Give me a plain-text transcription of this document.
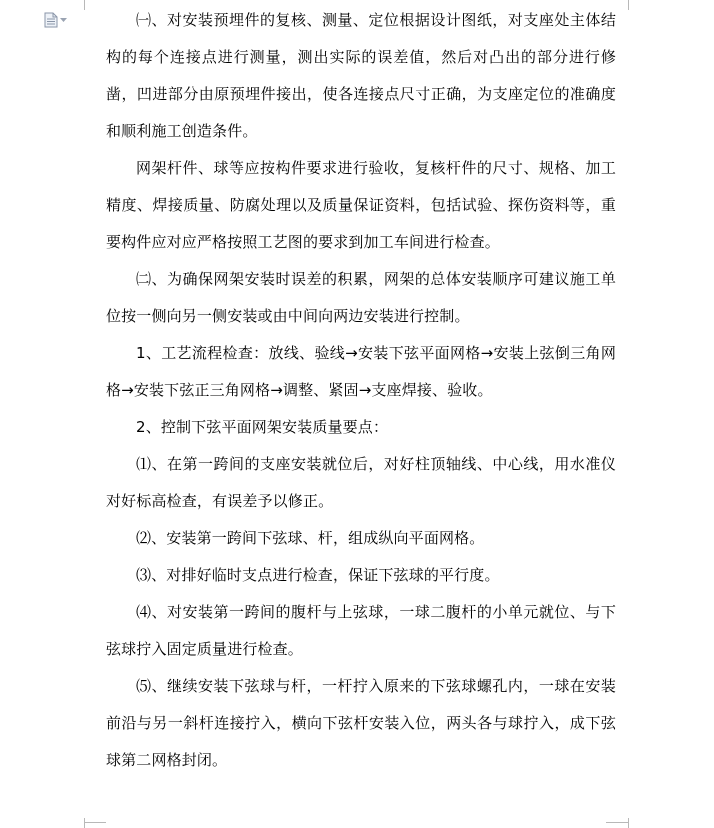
㈠、对安装预埋件的复核、测量、定位根据设计图纸，对支座处主体结构的每个连接点进行测量，测出实际的误差值，然后对凸出的部分进行修凿，凹进部分由原预埋件接出，使各连接点尺寸正确，为支座定位的准确度和顺利施工创造条件。

网架杆件、球等应按构件要求进行验收，复核杆件的尺寸、规格、加工精度、焊接质量、防腐处理以及质量保证资料，包括试验、探伤资料等，重要构件应对应严格按照工艺图的要求到加工车间进行检查。

㈡、为确保网架安装时误差的积累，网架的总体安装顺序可建议施工单位按一侧向另一侧安装或由中间向两边安装进行控制。

1、工艺流程检查：放线、验线→安装下弦平面网格→安装上弦倒三角网格→安装下弦正三角网格→调整、紧固→支座焊接、验收。

2、控制下弦平面网架安装质量要点：

⑴、在第一跨间的支座安装就位后，对好柱顶轴线、中心线，用水准仪对好标高检查，有误差予以修正。

⑵、安装第一跨间下弦球、杆，组成纵向平面网格。

⑶、对排好临时支点进行检查，保证下弦球的平行度。

⑷、对安装第一跨间的腹杆与上弦球，一球二腹杆的小单元就位、与下弦球拧入固定质量进行检查。

⑸、继续安装下弦球与杆，一杆拧入原来的下弦球螺孔内，一球在安装前沿与另一斜杆连接拧入，横向下弦杆安装入位，两头各与球拧入，成下弦球第二网格封闭。
